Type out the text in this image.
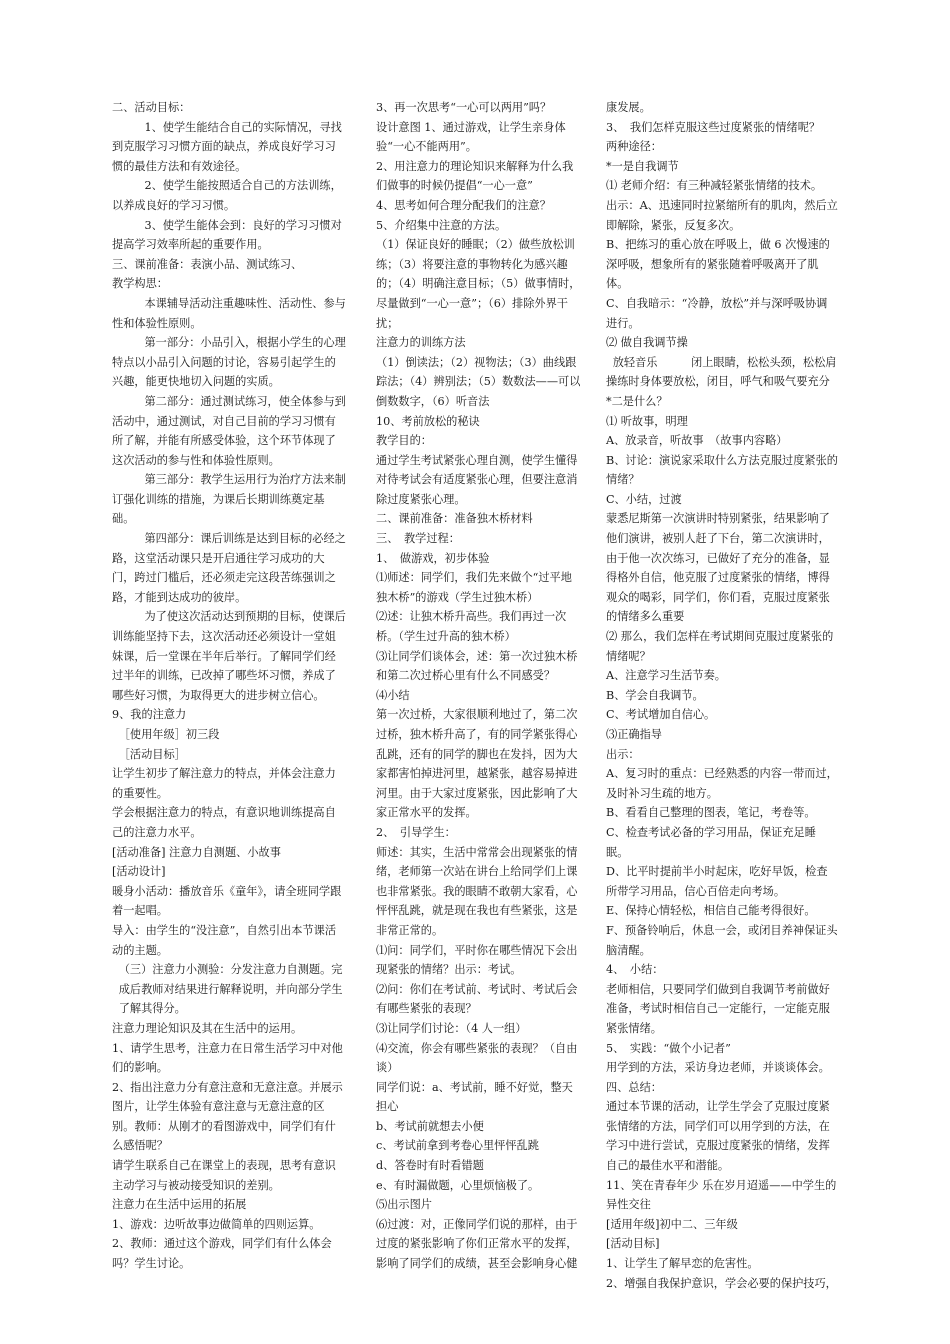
二、活动目标：

1、使学生能结合自己的实际情况，寻找到克服学习习惯方面的缺点，养成良好学习习惯的最佳方法和有效途径。

2、使学生能按照适合自己的方法训练，以养成良好的学习习惯。

3、使学生能体会到：良好的学习习惯对提高学习效率所起的重要作用。

三、课前准备：表演小品、测试练习、

教学构思：

本课辅导活动注重趣味性、活动性、参与性和体验性原则。

第一部分：小品引入，根据小学生的心理特点以小品引入问题的讨论，容易引起学生的兴趣，能更快地切入问题的实质。

第二部分：通过测试练习，使全体参与到活动中，通过测试，对自己目前的学习习惯有所了解，并能有所感受体验，这个环节体现了这次活动的参与性和体验性原则。

第三部分：教学生运用行为治疗方法来制订强化训练的措施，为课后长期训练奠定基础。

第四部分：课后训练是达到目标的必经之路，这堂活动课只是开启通往学习成功的大门，跨过门槛后，还必须走完这段苦练强训之路，才能到达成功的彼岸。

为了使这次活动达到预期的目标，使课后训练能坚持下去，这次活动还必须设计一堂姐妹课，后一堂课在半年后举行。了解同学们经过半年的训练，已改掉了哪些坏习惯，养成了哪些好习惯，为取得更大的进步树立信心。

9、我的注意力

［使用年级］初三段

［活动目标］

让学生初步了解注意力的特点，并体会注意力的重要性。

学会根据注意力的特点，有意识地训练提高自己的注意力水平。

[活动准备] 注意力自测题、小故事

[活动设计]

暖身小活动：播放音乐《童年》，请全班同学跟着一起唱。

导入：由学生的“没注意”，自然引出本节课活动的主题。

（三）注意力小测验：分发注意力自测题。完成后教师对结果进行解释说明，并向部分学生了解其得分。

注意力理论知识及其在生活中的运用。

1、请学生思考，注意力在日常生活学习中对他们的影响。

2、指出注意力分有意注意和无意注意。并展示图片，让学生体验有意注意与无意注意的区别。教师：从刚才的看图游戏中，同学们有什么感悟呢？

请学生联系自己在课堂上的表现，思考有意识主动学习与被动接受知识的差别。

注意力在生活中运用的拓展

1、游戏：边听故事边做简单的四则运算。

2、教师：通过这个游戏，同学们有什么体会吗？学生讨论。

3、再一次思考“一心可以两用”吗？

设计意图 1、通过游戏，让学生亲身体验“一心不能两用”。

2、用注意力的理论知识来解释为什么我们做事的时候仍提倡“一心一意”

4、思考如何合理分配我们的注意？

5、介绍集中注意的方法。

（1）保证良好的睡眠；（2）做些放松训练；（3）将要注意的事物转化为感兴趣的；（4）明确注意目标；（5）做事情时，尽量做到“一心一意”；（6）排除外界干扰；

注意力的训练方法

（1）倒读法；（2）视物法；（3）曲线跟踪法；（4）辨别法；（5）数数法——可以倒数数字，（6）听音法

10、考前放松的秘诀

教学目的：

通过学生考试紧张心理自测，使学生懂得对待考试会有适度紧张心理，但要注意消除过度紧张心理。

二、课前准备：准备独木桥材料

三、　教学过程：

1、　做游戏，初步体验

⑴师述：同学们，我们先来做个“过平地独木桥”的游戏（学生过独木桥）

⑵述：让独木桥升高些。我们再过一次桥。（学生过升高的独木桥）

⑶让同学们谈体会，述：第一次过独木桥和第二次过桥心里有什么不同感受？

⑷小结

第一次过桥，大家很顺利地过了，第二次过桥，独木桥升高了，有的同学紧张得心乱跳，还有的同学的脚也在发抖，因为大家都害怕掉进河里，越紧张，越容易掉进河里。由于大家过度紧张，因此影响了大家正常水平的发挥。

2、　引导学生：

师述：其实，生活中常常会出现紧张的情绪，老师第一次站在讲台上给同学们上课也非常紧张。我的眼睛不敢朝大家看，心怦怦乱跳，就是现在我也有些紧张，这是非常正常的。

⑴问：同学们，平时你在哪些情况下会出现紧张的情绪？出示：考试。

⑵问：你们在考试前、考试时、考试后会有哪些紧张的表现？

⑶让同学们讨论：（4 人一组）

⑷交流，你会有哪些紧张的表现？（自由谈）

同学们说：a、考试前，睡不好觉，整天担心

b、考试前就想去小便

c、考试前拿到考卷心里怦怦乱跳

d、答卷时有时看错题

e、有时漏做题，心里烦恼极了。

⑸出示图片

⑹过渡：对，正像同学们说的那样，由于过度的紧张影响了你们正常水平的发挥，影响了同学们的成绩，甚至会影响身心健

康发展。

3、　我们怎样克服这些过度紧张的情绪呢？

两种途径：

*一是自我调节

⑴ 老师介绍：有三种减轻紧张情绪的技术。

出示：A、迅速同时拉紧缩所有的肌肉，然后立即解除，紧张，反复多次。

B、把练习的重心放在呼吸上，做 6 次慢速的深呼吸，想象所有的紧张随着呼吸离开了肌体。

C、自我暗示：“冷静，放松”并与深呼吸协调进行。

⑵ 做自我调节操

放轻音乐　　　闭上眼睛，松松头颈，松松肩

操练时身体要放松，闭目，呼气和吸气要充分

*二是什么？

⑴ 听故事，明理

A、放录音，听故事　（故事内容略）

B、讨论：演说家采取什么方法克服过度紧张的情绪？

C、小结，过渡

蒙悉尼斯第一次演讲时特别紧张，结果影响了他们演讲，被别人赶了下台，第二次演讲时，由于他一次次练习，已做好了充分的准备，显得格外自信，他克服了过度紧张的情绪，博得观众的喝彩，同学们，你们看，克服过度紧张的情绪多么重要

⑵ 那么，我们怎样在考试期间克服过度紧张的情绪呢？

A、注意学习生活节奏。

B、学会自我调节。

C、考试增加自信心。

⑶正确指导

出示：

A、复习时的重点：已经熟悉的内容一带而过，及时补习生疏的地方。

B、看看自己整理的图表，笔记，考卷等。

C、检查考试必备的学习用品，保证充足睡眠。

D、比平时提前半小时起床，吃好早饭，检查所带学习用品，信心百倍走向考场。

E、保持心情轻松，相信自己能考得很好。

F、预备铃响后，休息一会，或闭目养神保证头脑清醒。

4、　小结：

老师相信，只要同学们做到自我调节考前做好准备，考试时相信自己一定能行，一定能克服紧张情绪。

5、　实践：“做个小记者”

用学到的方法，采访身边老师，并谈谈体会。

四、总结：

通过本节课的活动，让学生学会了克服过度紧张情绪的方法，同学们可以用学到的方法，在学习中进行尝试，克服过度紧张的情绪，发挥自己的最佳水平和潜能。

11、笑在青春年少 乐在岁月迢遥——中学生的异性交往

[适用年级]初中二、三年级

[活动目标]

1、让学生了解早恋的危害性。

2、增强自我保护意识，学会必要的保护技巧，
